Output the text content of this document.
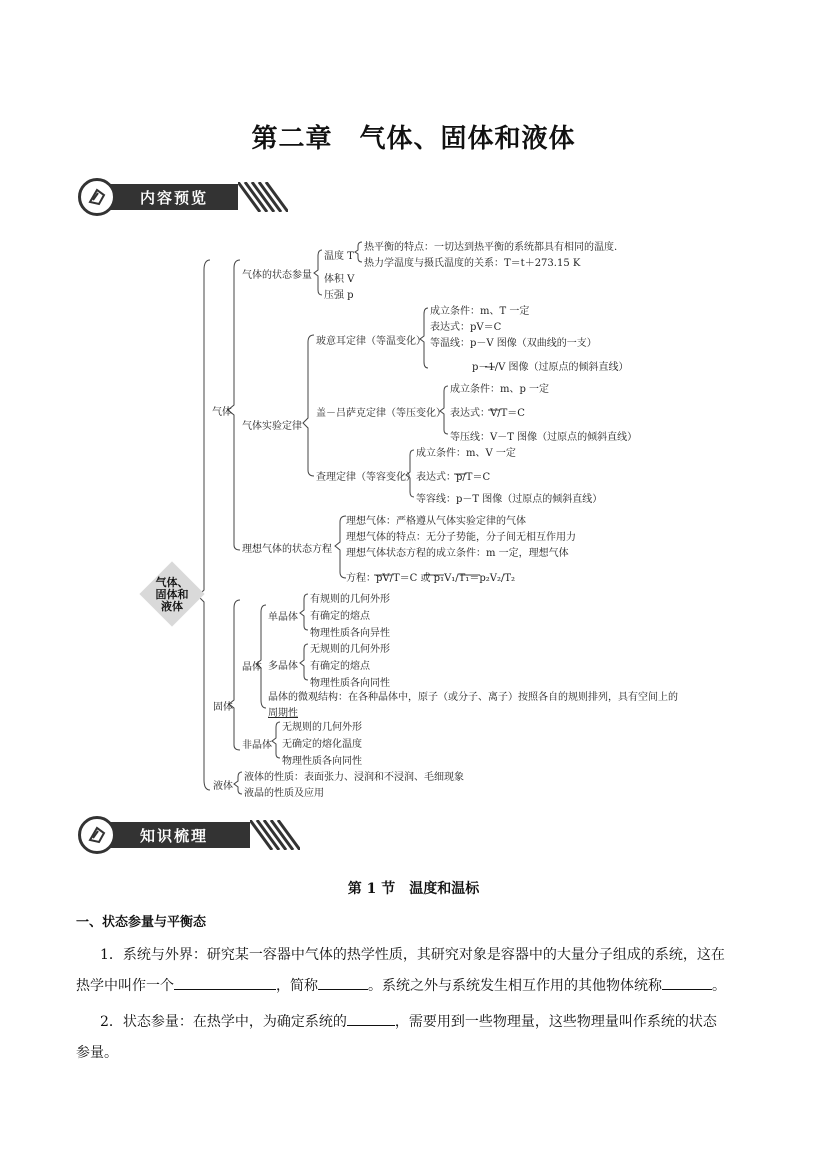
第二章　气体、固体和液体
内容预览
气体
气体的状态参量
温度 T
热平衡的特点：一切达到热平衡的系统都具有相同的温度.
热力学温度与摄氏温度的关系：T＝t＋273.15 K
体积 V
压强 p
气体实验定律
玻意耳定律（等温变化）
成立条件：m、T 一定
表达式：pV＝C
等温线：p－V 图像（双曲线的一支）
p－1/V 图像（过原点的倾斜直线）
盖－吕萨克定律（等压变化）
成立条件：m、p 一定
表达式：V/T＝C
等压线：V－T 图像（过原点的倾斜直线）
查理定律（等容变化）
成立条件：m、V 一定
表达式：p/T＝C
等容线：p－T 图像（过原点的倾斜直线）
理想气体的状态方程
理想气体：严格遵从气体实验定律的气体
理想气体的特点：无分子势能，分子间无相互作用力
理想气体状态方程的成立条件：m 一定，理想气体
方程：pV/T＝C 或 p₁V₁/T₁＝p₂V₂/T₂
固体
晶体
单晶体
有规则的几何外形
有确定的熔点
物理性质各向异性
多晶体
无规则的几何外形
有确定的熔点
物理性质各向同性
晶体的微观结构：在各种晶体中，原子（或分子、离子）按照各自的规则排列，具有空间上的
周期性
非晶体
无规则的几何外形
无确定的熔化温度
物理性质各向同性
液体
液体的性质：表面张力、浸润和不浸润、毛细现象
液晶的性质及应用
气体、固体和液体
知识梳理
第 1 节　温度和温标
一、状态参量与平衡态
1．系统与外界：研究某一容器中气体的热学性质，其研究对象是容器中的大量分子组成的系统，这在
热学中叫作一个	，简称	。系统之外与系统发生相互作用的其他物体统称	。
2．状态参量：在热学中，为确定系统的	，需要用到一些物理量，这些物理量叫作系统的状态
参量。
